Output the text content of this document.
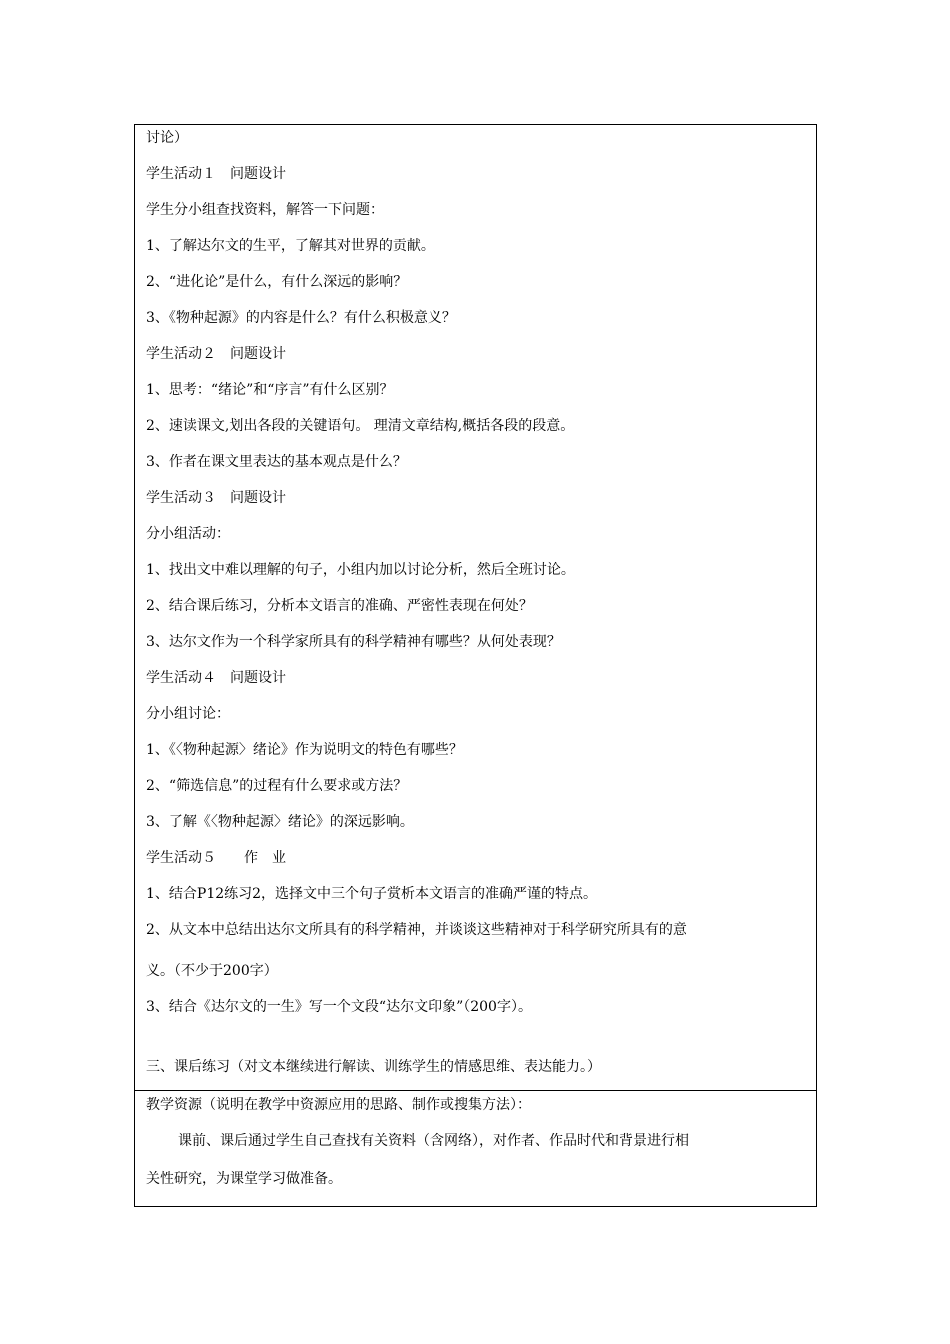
讨论）
学生活动１　问题设计
学生分小组查找资料，解答一下问题：
1、了解达尔文的生平，了解其对世界的贡献。
2、“进化论”是什么，有什么深远的影响？
3、《物种起源》的内容是什么？有什么积极意义？
学生活动２　问题设计
1、思考：“绪论”和“序言”有什么区别？
2、速读课文,划出各段的关键语句。 理清文章结构,概括各段的段意。
3、作者在课文里表达的基本观点是什么？
学生活动３　问题设计
分小组活动：
1、找出文中难以理解的句子，小组内加以讨论分析，然后全班讨论。
2、结合课后练习，分析本文语言的准确、严密性表现在何处？
3、达尔文作为一个科学家所具有的科学精神有哪些？从何处表现？
学生活动４　问题设计
分小组讨论：
1、《〈物种起源〉绪论》作为说明文的特色有哪些？
2、“筛选信息”的过程有什么要求或方法？
3、了解《〈物种起源〉绪论》的深远影响。
学生活动５　　作　业
1、结合P12练习2，选择文中三个句子赏析本文语言的准确严谨的特点。
2、从文本中总结出达尔文所具有的科学精神，并谈谈这些精神对于科学研究所具有的意
义。（不少于200字）
3、结合《达尔文的一生》写一个文段“达尔文印象”（200字）。
三、课后练习（对文本继续进行解读、训练学生的情感思维、表达能力。）
教学资源（说明在教学中资源应用的思路、制作或搜集方法）：
课前、课后通过学生自己查找有关资料（含网络），对作者、作品时代和背景进行相
关性研究，为课堂学习做准备。
